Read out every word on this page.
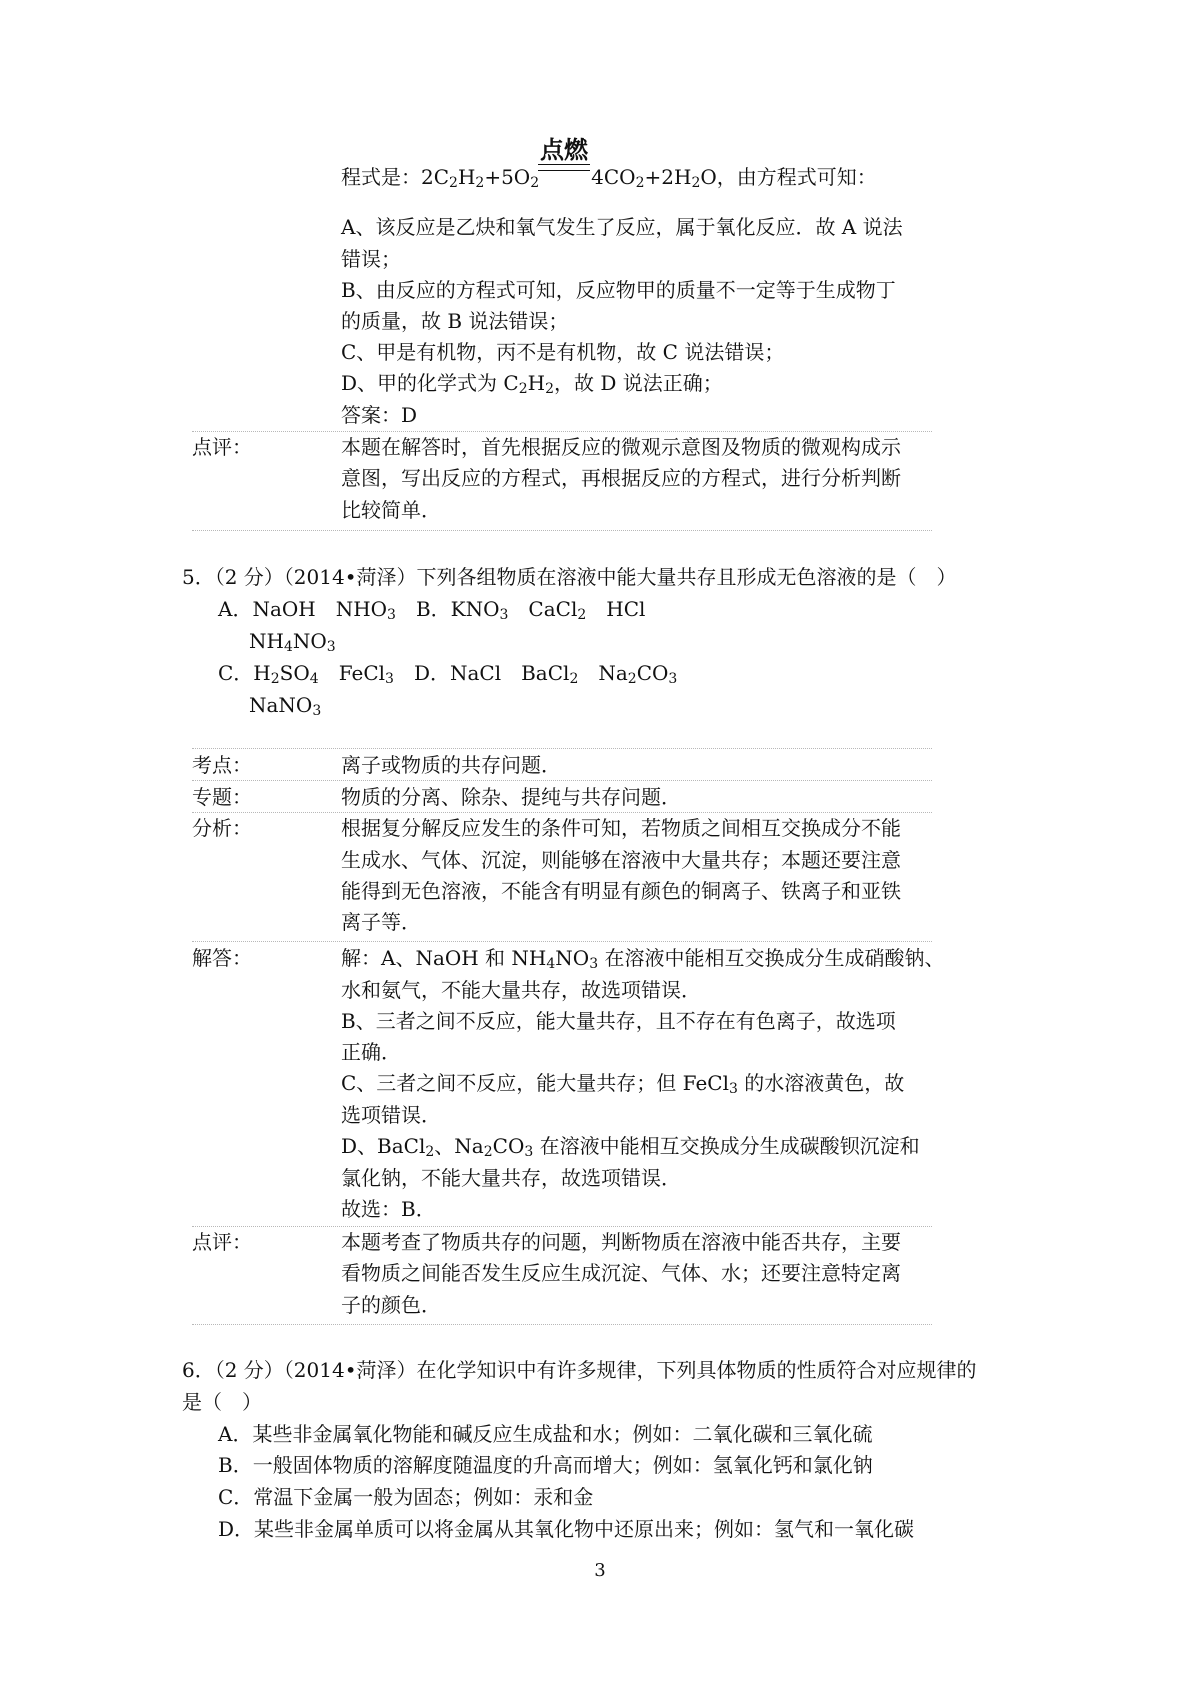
程式是：$2C_2H_2+5O_2$	$4CO_2+2H_2O$，由方程式可知：
点燃
A、该反应是乙炔和氧气发生了反应，属于氧化反应．故 A 说法
错误；
B、由反应的方程式可知，反应物甲的质量不一定等于生成物丁
的质量，故 B 说法错误；
C、甲是有机物，丙不是有机物，故 C 说法错误；
D、甲的化学式为 $C_2H_2$，故 D 说法正确；
答案：D
点评：	本题在解答时，首先根据反应的微观示意图及物质的微观构成示
意图，写出反应的方程式，再根据反应的方程式，进行分析判断
比较简单．
5．（2 分）（2014•菏泽）下列各组物质在溶液中能大量共存且形成无色溶液的是（　）
A．NaOH　$NHO_3$　B．$KNO_3$　CaCl$_2$　HCl
$NH_4NO_3$
C．$H_2SO_4$　FeCl$_3$　D．NaCl　BaCl$_2$　$Na_2CO_3$
NaNO$_3$
考点：	离子或物质的共存问题．
专题：	物质的分离、除杂、提纯与共存问题．
分析：	根据复分解反应发生的条件可知，若物质之间相互交换成分不能
生成水、气体、沉淀，则能够在溶液中大量共存；本题还要注意
能得到无色溶液，不能含有明显有颜色的铜离子、铁离子和亚铁
离子等．
解答：	解：A、NaOH 和 $NH_4NO_3$ 在溶液中能相互交换成分生成硝酸钠、
水和氨气，不能大量共存，故选项错误．
B、三者之间不反应，能大量共存，且不存在有色离子，故选项
正确．
C、三者之间不反应，能大量共存；但 FeCl$_3$ 的水溶液黄色，故
选项错误．
D、BaCl$_2$、$Na_2CO_3$ 在溶液中能相互交换成分生成碳酸钡沉淀和
氯化钠，不能大量共存，故选项错误．
故选：B．
点评：	本题考查了物质共存的问题，判断物质在溶液中能否共存，主要
看物质之间能否发生反应生成沉淀、气体、水；还要注意特定离
子的颜色．
6．（2 分）（2014•菏泽）在化学知识中有许多规律，下列具体物质的性质符合对应规律的
是（　）
A．某些非金属氧化物能和碱反应生成盐和水；例如：二氧化碳和三氧化硫
B．一般固体物质的溶解度随温度的升高而增大；例如：氢氧化钙和氯化钠
C．常温下金属一般为固态；例如：汞和金
D．某些非金属单质可以将金属从其氧化物中还原出来；例如：氢气和一氧化碳
3
